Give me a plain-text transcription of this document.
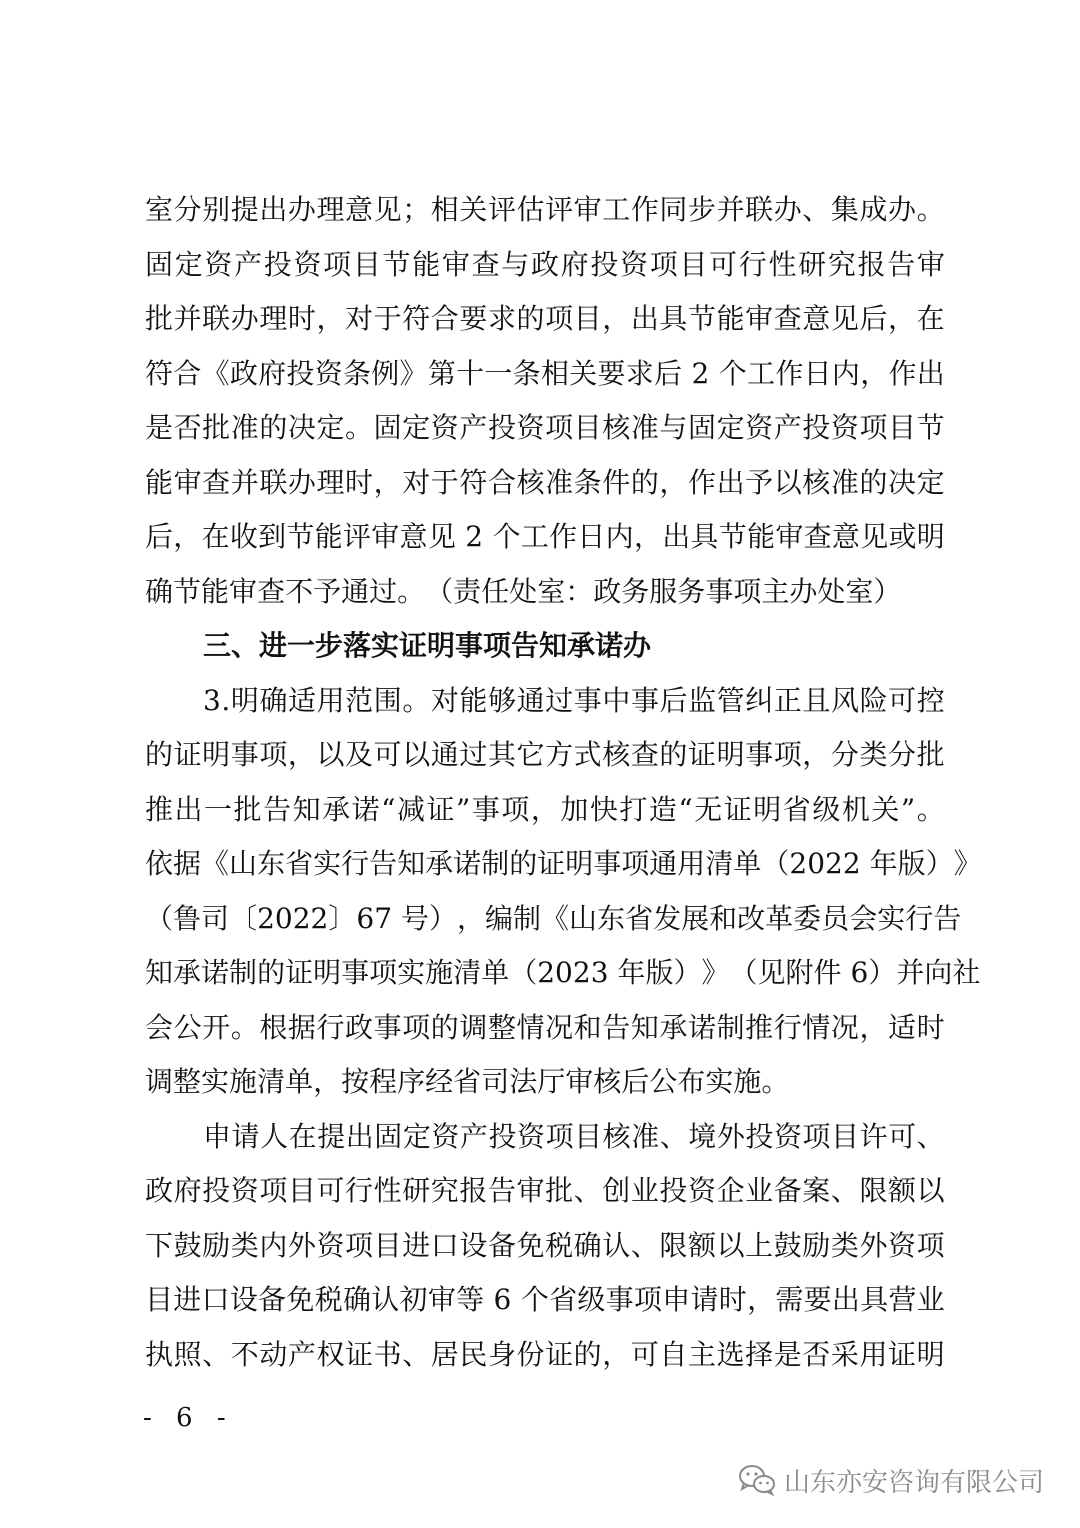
室 分 别 提 出 办 理 意 见 ； 相 关 评 估 评 审 工 作 同 步 并 联 办 、 集 成 办 。
固 定 资 产 投 资 项 目 节 能 审 查 与 政 府 投 资 项 目 可 行 性 研 究 报 告 审
批 并 联 办 理 时 ， 对 于 符 合 要 求 的 项 目 ， 出 具 节 能 审 查 意 见 后 ， 在
符 合 《 政 府 投 资 条 例 》 第 十 一 条 相 关 要 求 后
2
个 工 作 日 内 ， 作 出
是 否 批 准 的 决 定 。 固 定 资 产 投 资 项 目 核 准 与 固 定 资 产 投 资 项 目 节
能 审 查 并 联 办 理 时 ， 对 于 符 合 核 准 条 件 的 ， 作 出 予 以 核 准 的 决 定
后 ， 在 收 到 节 能 评 审 意 见
2
个 工 作 日 内 ， 出 具 节 能 审 查 意 见 或 明
确 节 能 审 查 不 予 通 过 。 （ 责 任 处 室 ： 政 务 服 务 事 项 主 办 处 室 ）
三、进一步落实证明事项告知承诺办
3 . 明 确 适 用 范 围 。 对 能 够 通 过 事 中 事 后 监 管 纠 正 且 风 险 可 控
的 证 明 事 项 ， 以 及 可 以 通 过 其 它 方 式 核 查 的 证 明 事 项 ， 分 类 分 批
推 出 一 批 告 知 承 诺 “ 减 证 ” 事 项 ， 加 快 打 造 “ 无 证 明 省 级 机 关 ” 。
依 据 《 山 东 省 实 行 告 知 承 诺 制 的 证 明 事 项 通 用 清 单 （ 2 0 2 2
年 版 ） 》
（ 鲁 司 〔 2 0 2 2 〕 6 7
号 ） ， 编 制 《 山 东 省 发 展 和 改 革 委 员 会 实 行 告
知 承 诺 制 的 证 明 事 项 实 施 清 单 （ 2 0 2 3
年 版 ） 》 （ 见 附 件
6 ） 并 向 社
会 公 开 。 根 据 行 政 事 项 的 调 整 情 况 和 告 知 承 诺 制 推 行 情 况 ， 适 时
调 整 实 施 清 单 ， 按 程 序 经 省 司 法 厅 审 核 后 公 布 实 施 。
申 请 人 在 提 出 固 定 资 产 投 资 项 目 核 准 、 境 外 投 资 项 目 许 可 、
政 府 投 资 项 目 可 行 性 研 究 报 告 审 批 、 创 业 投 资 企 业 备 案 、 限 额 以
下 鼓 励 类 内 外 资 项 目 进 口 设 备 免 税 确 认 、 限 额 以 上 鼓 励 类 外 资 项
目 进 口 设 备 免 税 确 认 初 审 等
6
个 省 级 事 项 申 请 时 ， 需 要 出 具 营 业
执 照 、 不 动 产 权 证 书 、 居 民 身 份 证 的 ， 可 自 主 选 择 是 否 采 用 证 明
- 6 -
山东亦安咨询有限公司
